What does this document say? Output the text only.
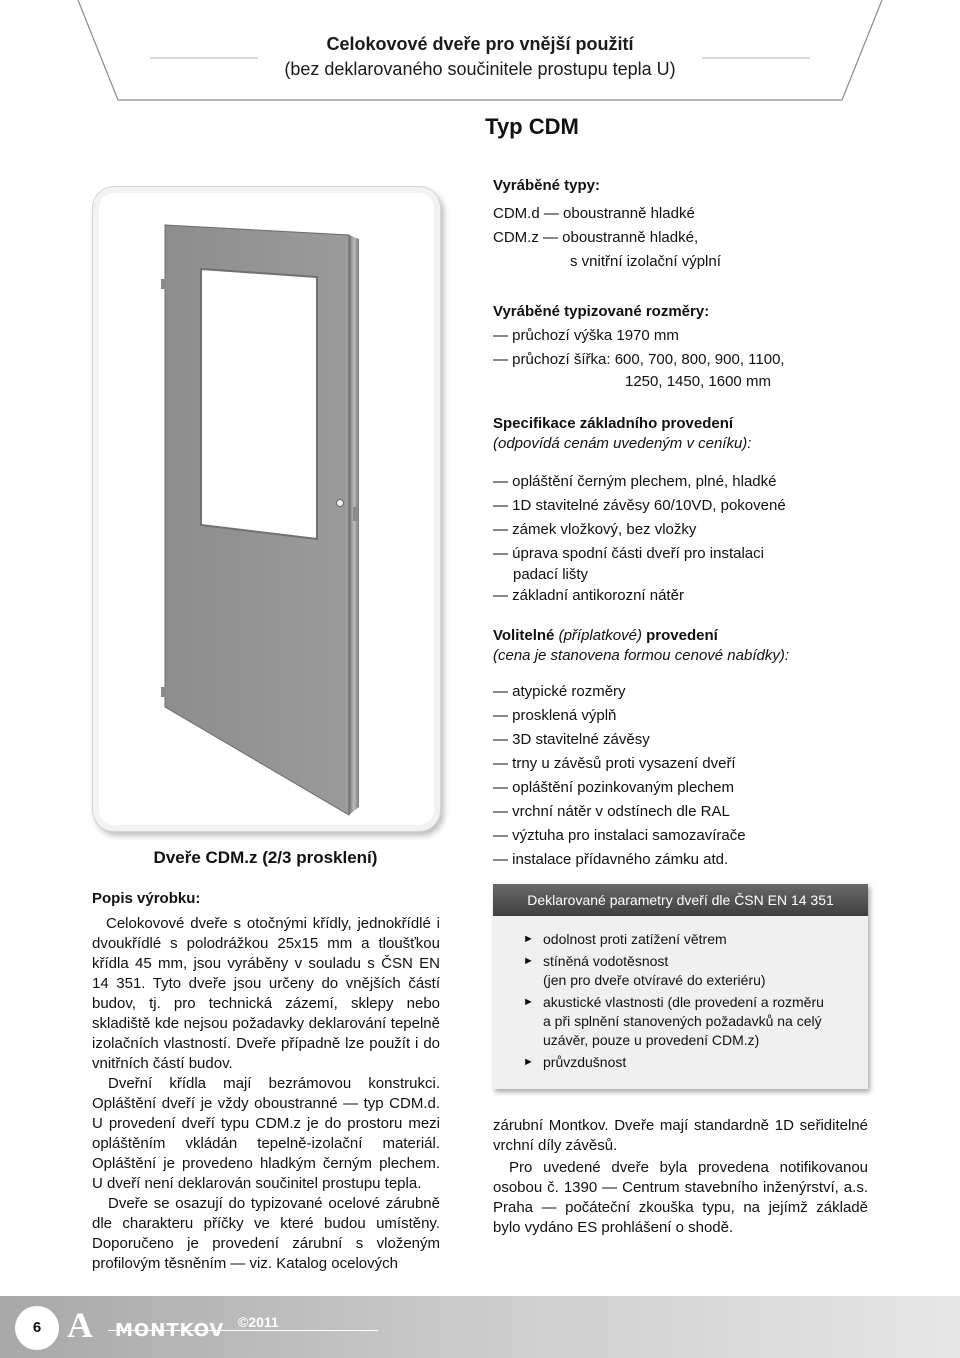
Celokovové dveře pro vnější použití
(bez deklarovaného součinitele prostupu tepla U)
Typ CDM
Dveře CDM.z (2/3 prosklení)
Vyráběné typy:
CDM.d — oboustranně hladké
CDM.z — oboustranně hladké,
s vnitřní izolační výplní
Vyráběné typizované rozměry:
— průchozí výška 1970 mm
— průchozí šířka: 600, 700, 800, 900, 1100,
1250, 1450, 1600 mm
Specifikace základního provedení
(odpovídá cenám uvedeným v ceníku):
— opláštění černým plechem, plné, hladké
— 1D stavitelné závěsy 60/10VD, pokovené
— zámek vložkový, bez vložky
— úprava spodní části dveří pro instalaci
padací lišty
— základní antikorozní nátěr
Volitelné (příplatkové) provedení
(cena je stanovena formou cenové nabídky):
— atypické rozměry
— prosklená výplň
— 3D stavitelné závěsy
— trny u závěsů proti vysazení dveří
— opláštění pozinkovaným plechem
— vrchní nátěr v odstínech dle RAL
— výztuha pro instalaci samozavírače
— instalace přídavného zámku atd.
Deklarované parametry dveří dle ČSN EN 14 351
► odolnost proti zatížení větrem
► stíněná vodotěsnost
(jen pro dveře otvíravé do exteriéru)
► akustické vlastnosti (dle provedení a rozměru
a při splnění stanovených požadavků na celý
uzávěr, pouze u provedení CDM.z)
► průvzdušnost
Popis výrobku:

Celokovové dveře s otočnými křídly, jednokřídlé i dvoukřídlé s polodrážkou 25x15 mm a tloušťkou křídla 45 mm, jsou vyráběny v souladu s ČSN EN 14 351. Tyto dveře jsou určeny do vnějších částí budov, tj. pro technická zázemí, sklepy nebo skladiště kde nejsou požadavky deklarování tepelně izolačních vlastností. Dveře případně lze použít i do vnitřních částí budov.

Dveřní křídla mají bezrámovou konstrukci. Opláštění dveří je vždy oboustranné — typ CDM.d. U provedení dveří typu CDM.z je do prostoru mezi opláštěním vkládán tepelně-izolační materiál. Opláštění je provedeno hladkým černým plechem. U dveří není deklarován součinitel prostupu tepla.

Dveře se osazují do typizované ocelové zárubně dle charakteru příčky ve které budou umístěny. Doporučeno je provedení zárubní s vloženým profilovým těsněním — viz. Katalog ocelových

zárubní Montkov. Dveře mají standardně 1D seřiditelné vrchní díly závěsů.

Pro uvedené dveře byla provedena notifikovanou osobou č. 1390 — Centrum stavebního inženýrství, a.s. Praha — počáteční zkouška typu, na jejímž základě bylo vydáno ES prohlášení o shodě.

6 A MONTKOV ©2011
